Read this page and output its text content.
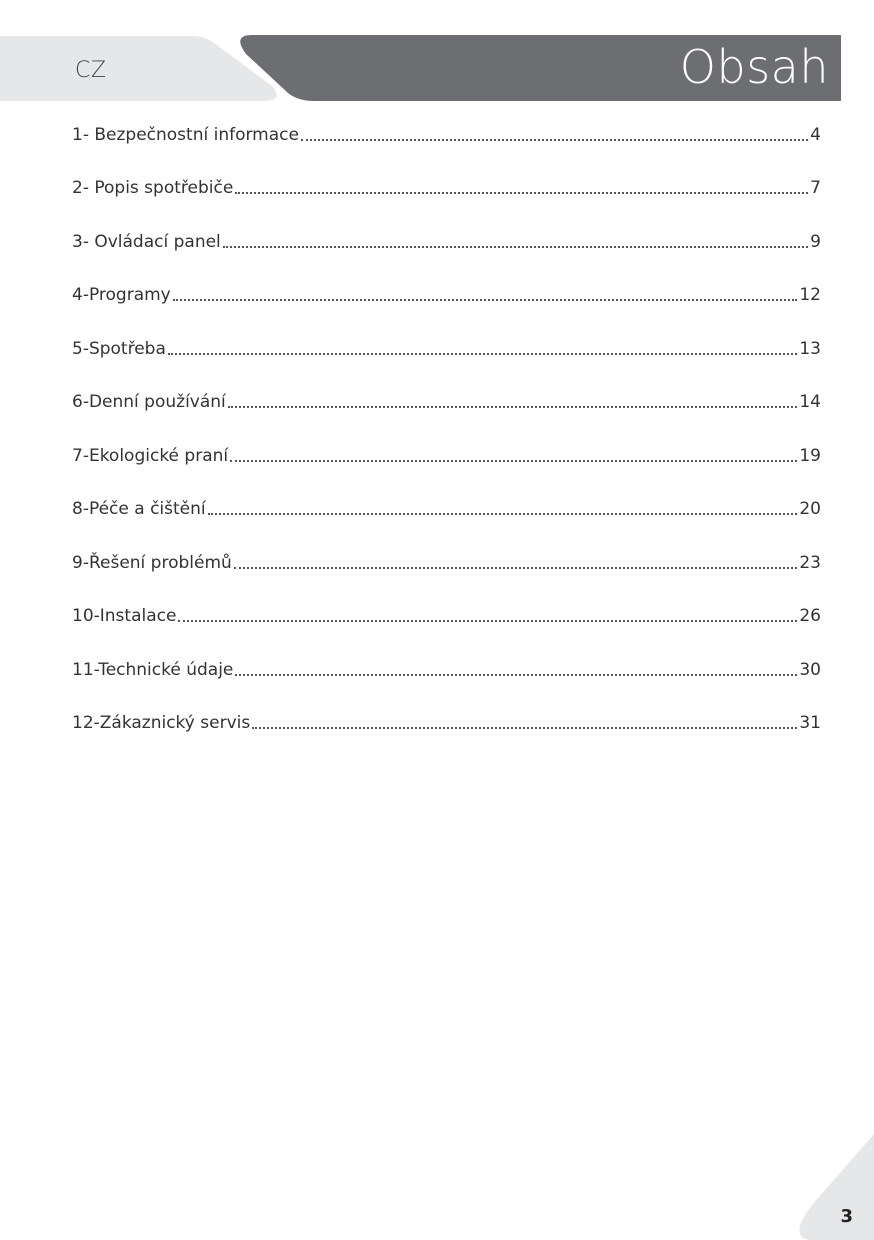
CZ	Obsah
1- Bezpečnostní informace	4
2- Popis spotřebiče	7
3- Ovládací panel	9
4-Programy	12
5-Spotřeba	13
6-Denní používání	14
7-Ekologické praní	19
8-Péče a čištění	20
9-Řešení problémů	23
10-Instalace	26
11-Technické údaje	30
12-Zákaznický servis	31
3
